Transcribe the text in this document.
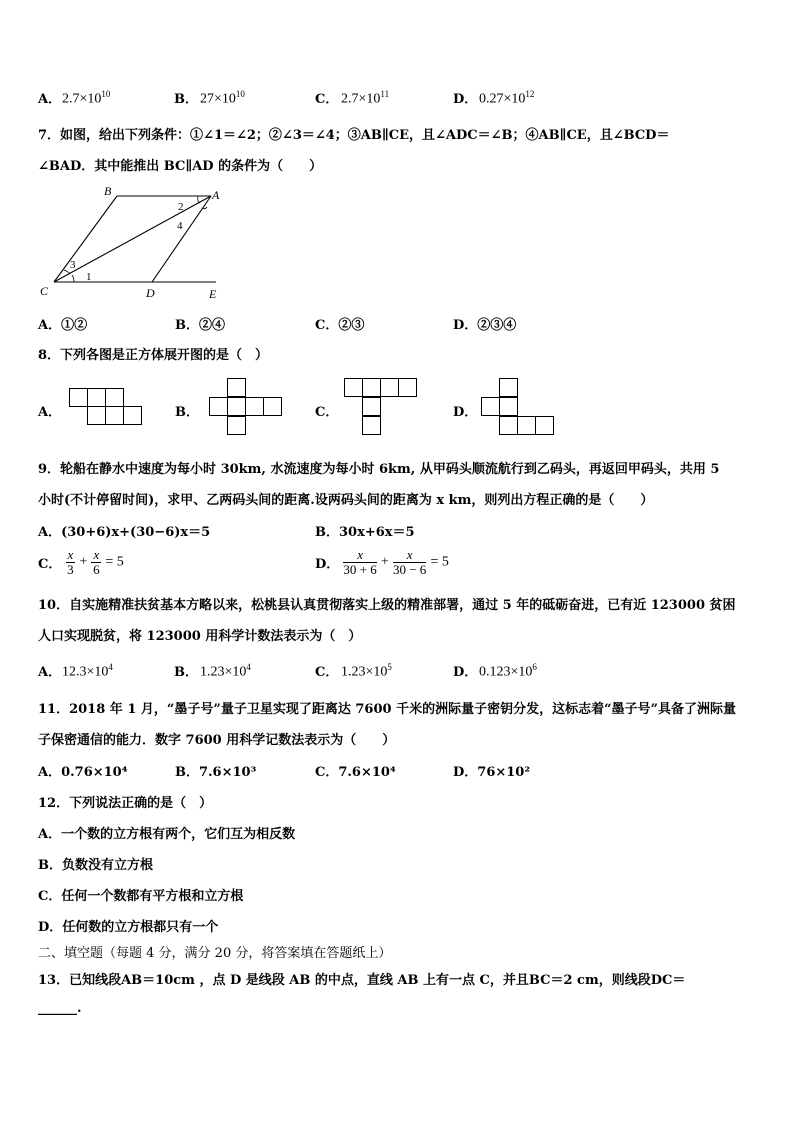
A． $2.7\times 10^{10}$	B． $27\times 10^{10}$	C． $2.7\times 10^{11}$	D． $0.27\times 10^{12}$
7．如图，给出下列条件：①∠1＝∠2；②∠3＝∠4；③AB∥CE，且∠ADC＝∠B；④AB∥CE，且∠BCD＝
∠BAD．其中能推出 BC∥AD 的条件为（　　）
B	A
C	D	E
1
2
3
4
A．①②	B．②④	C．②③	D．②③④
8．下列各图是正方体展开图的是（　）
A．	B．	C．	D．
9．轮船在静水中速度为每小时 30km, 水流速度为每小时 6km, 从甲码头顺流航行到乙码头，再返回甲码头，共用 5
小时(不计停留时间)，求甲、乙两码头间的距离.设两码头间的距离为 x km，则列出方程正确的是（　　）
A．(30+6)x+(30−6)x＝5	B．30x+6x＝5
C． $\frac{x}{3} + \frac{x}{6} = 5$	D． $\frac{x}{30 + 6} + \frac{x}{30 - 6} = 5$
10．自实施精准扶贫基本方略以来，松桃县认真贯彻落实上级的精准部署，通过 5 年的砥砺奋进，已有近 123000 贫困
人口实现脱贫，将 123000 用科学计数法表示为（　）
A． $12.3\times 10^4$	B． $1.23\times 10^4$	C． $1.23\times 10^5$	D． $0.123\times 10^6$
11．2018 年 1 月，“墨子号”量子卫星实现了距离达 7600 千米的洲际量子密钥分发，这标志着“墨子号”具备了洲际量
子保密通信的能力．数字 7600 用科学记数法表示为（　　）
A．0.76×10⁴	B．7.6×10³	C．7.6×10⁴	D．76×10²
12．下列说法正确的是（　）
A．一个数的立方根有两个，它们互为相反数
B．负数没有立方根
C．任何一个数都有平方根和立方根
D．任何数的立方根都只有一个
二、填空题（每题 4 分，满分 20 分，将答案填在答题纸上）
13．已知线段AB＝10cm ，点 D 是线段 AB 的中点，直线 AB 上有一点 C，并且BC＝2 cm，则线段DC＝
______.
